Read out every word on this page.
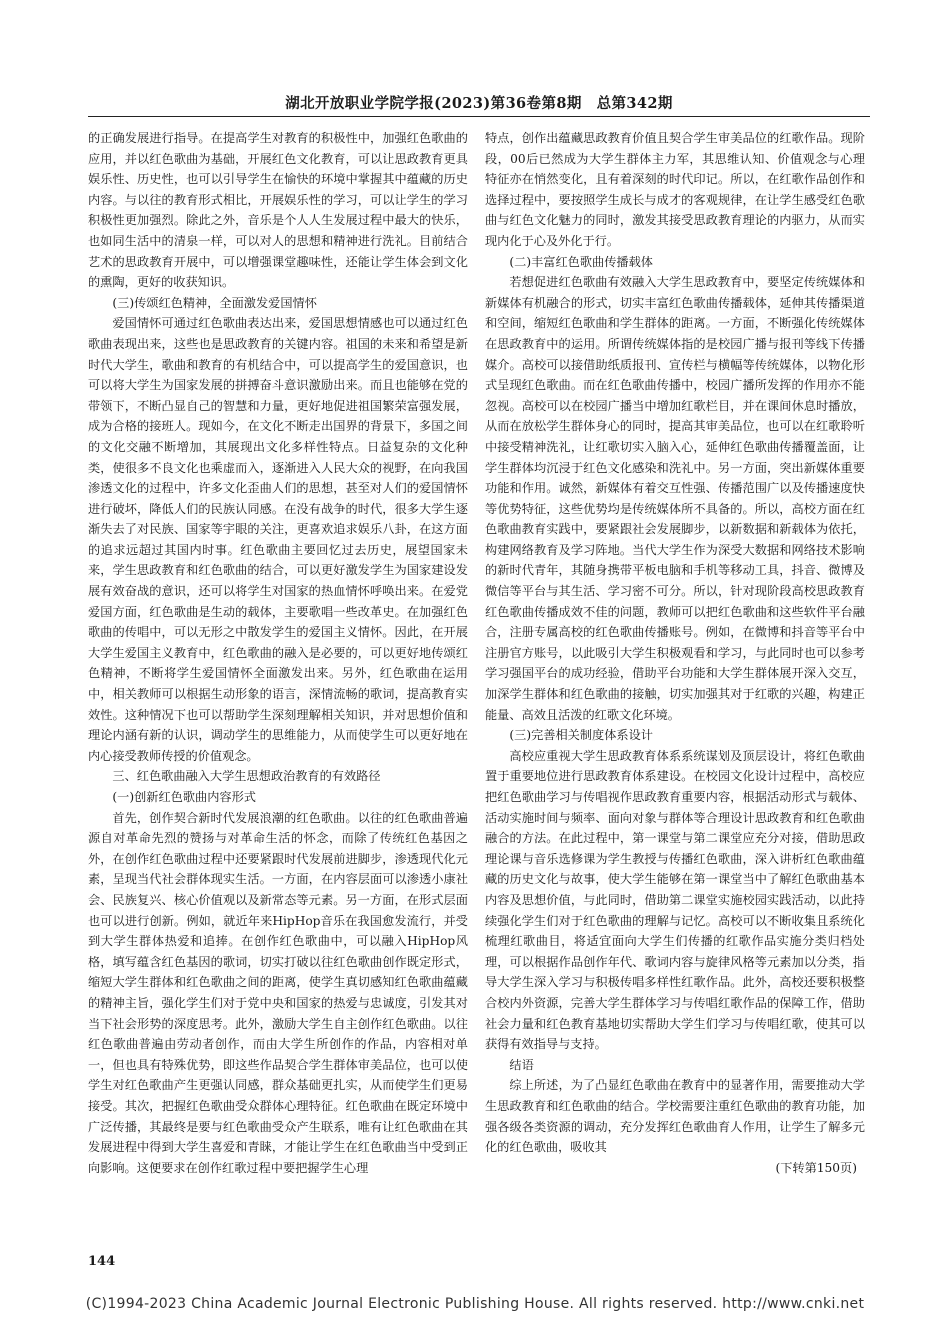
湖北开放职业学院学报(2023)第36卷第8期　总第342期

的正确发展进行指导。在提高学生对教育的积极性中，加强红色歌曲的应用，并以红色歌曲为基础，开展红色文化教育，可以让思政教育更具娱乐性、历史性，也可以引导学生在愉快的环境中掌握其中蕴藏的历史内容。与以往的教育形式相比，开展娱乐性的学习，可以让学生的学习积极性更加强烈。除此之外，音乐是个人人生发展过程中最大的快乐，也如同生活中的清泉一样，可以对人的思想和精神进行洗礼。目前结合艺术的思政教育开展中，可以增强课堂趣味性，还能让学生体会到文化的熏陶，更好的收获知识。

(三)传颂红色精神，全面激发爱国情怀

爱国情怀可通过红色歌曲表达出来，爱国思想情感也可以通过红色歌曲表现出来，这些也是思政教育的关键内容。祖国的未来和希望是新时代大学生，歌曲和教育的有机结合中，可以提高学生的爱国意识，也可以将大学生为国家发展的拼搏奋斗意识激励出来。而且也能够在党的带领下，不断凸显自己的智慧和力量，更好地促进祖国繁荣富强发展，成为合格的接班人。现如今，在文化不断走出国界的背景下，多国之间的文化交融不断增加，其展现出文化多样性特点。日益复杂的文化种类，使很多不良文化也乘虚而入，逐渐进入人民大众的视野，在向我国渗透文化的过程中，许多文化歪曲人们的思想，甚至对人们的爱国情怀进行破坏，降低人们的民族认同感。在没有战争的时代，很多大学生逐渐失去了对民族、国家等宇眼的关注，更喜欢追求娱乐八卦，在这方面的追求远超过其国内时事。红色歌曲主要回忆过去历史，展望国家未来，学生思政教育和红色歌曲的结合，可以更好激发学生为国家建设发展有效奋战的意识，还可以将学生对国家的热血情怀呼唤出来。在爱党爱国方面，红色歌曲是生动的载体，主要歌唱一些改革史。在加强红色歌曲的传唱中，可以无形之中散发学生的爱国主义情怀。因此，在开展大学生爱国主义教育中，红色歌曲的融入是必要的，可以更好地传颂红色精神，不断将学生爱国情怀全面激发出来。另外，红色歌曲在运用中，相关教师可以根据生动形象的语言，深情流畅的歌词，提高教育实效性。这种情况下也可以帮助学生深刻理解相关知识，并对思想价值和理论内涵有新的认识，调动学生的思维能力，从而使学生可以更好地在内心接受教师传授的价值观念。

三、红色歌曲融入大学生思想政治教育的有效路径

(一)创新红色歌曲内容形式

首先，创作契合新时代发展浪潮的红色歌曲。以往的红色歌曲普遍源自对革命先烈的赞扬与对革命生活的怀念，而除了传统红色基因之外，在创作红色歌曲过程中还要紧跟时代发展前进脚步，渗透现代化元素，呈现当代社会群体现实生活。一方面，在内容层面可以渗透小康社会、民族复兴、核心价值观以及新常态等元素。另一方面，在形式层面也可以进行创新。例如，就近年来HipHop音乐在我国愈发流行，并受到大学生群体热爱和追捧。在创作红色歌曲中，可以融入HipHop风格，填写蕴含红色基因的歌词，切实打破以往红色歌曲创作既定形式，缩短大学生群体和红色歌曲之间的距离，使学生真切感知红色歌曲蕴藏的精神主旨，强化学生们对于党中央和国家的热爱与忠诚度，引发其对当下社会形势的深度思考。此外，激励大学生自主创作红色歌曲。以往红色歌曲普遍由劳动者创作，而由大学生所创作的作品，内容相对单一，但也具有特殊优势，即这些作品契合学生群体审美品位，也可以使学生对红色歌曲产生更强认同感，群众基础更扎实，从而使学生们更易接受。其次，把握红色歌曲受众群体心理特征。红色歌曲在既定环境中广泛传播，其最终是要与红色歌曲受众产生联系，唯有让红色歌曲在其发展进程中得到大学生喜爱和青睐，才能让学生在红色歌曲当中受到正向影响。这便要求在创作红歌过程中要把握学生心理

特点，创作出蕴藏思政教育价值且契合学生审美品位的红歌作品。现阶段，00后已然成为大学生群体主力军，其思维认知、价值观念与心理特征亦在悄然变化，且有着深刻的时代印记。所以，在红歌作品创作和选择过程中，要按照学生成长与成才的客观规律，在让学生感受红色歌曲与红色文化魅力的同时，激发其接受思政教育理论的内驱力，从而实现内化于心及外化于行。

(二)丰富红色歌曲传播载体

若想促进红色歌曲有效融入大学生思政教育中，要坚定传统媒体和新媒体有机融合的形式，切实丰富红色歌曲传播载体，延伸其传播渠道和空间，缩短红色歌曲和学生群体的距离。一方面，不断强化传统媒体在思政教育中的运用。所谓传统媒体指的是校园广播与报刊等线下传播媒介。高校可以接借助纸质报刊、宣传栏与横幅等传统媒体，以物化形式呈现红色歌曲。而在红色歌曲传播中，校园广播所发挥的作用亦不能忽视。高校可以在校园广播当中增加红歌栏目，并在课间休息时播放，从而在放松学生群体身心的同时，提高其审美品位，也可以在红歌聆听中接受精神洗礼，让红歌切实入脑入心，延伸红色歌曲传播覆盖面，让学生群体均沉浸于红色文化感染和洗礼中。另一方面，突出新媒体重要功能和作用。诚然，新媒体有着交互性强、传播范围广以及传播速度快等优势特征，这些优势均是传统媒体所不具备的。所以，高校方面在红色歌曲教育实践中，要紧跟社会发展脚步，以新数据和新载体为依托，构建网络教育及学习阵地。当代大学生作为深受大数据和网络技术影响的新时代青年，其随身携带平板电脑和手机等移动工具，抖音、微博及微信等平台与其生活、学习密不可分。所以，针对现阶段高校思政教育红色歌曲传播成效不佳的问题，教师可以把红色歌曲和这些软件平台融合，注册专属高校的红色歌曲传播账号。例如，在微博和抖音等平台中注册官方账号，以此吸引大学生积极观看和学习，与此同时也可以参考学习强国平台的成功经验，借助平台功能和大学生群体展开深入交互，加深学生群体和红色歌曲的接触，切实加强其对于红歌的兴趣，构建正能量、高效且活泼的红歌文化环境。

(三)完善相关制度体系设计

高校应重视大学生思政教育体系系统谋划及顶层设计，将红色歌曲置于重要地位进行思政教育体系建设。在校园文化设计过程中，高校应把红色歌曲学习与传唱视作思政教育重要内容，根据活动形式与载体、活动实施时间与频率、面向对象与群体等合理设计思政教育和红色歌曲融合的方法。在此过程中，第一课堂与第二课堂应充分对接，借助思政理论课与音乐选修课为学生教授与传播红色歌曲，深入讲析红色歌曲蕴藏的历史文化与故事，使大学生能够在第一课堂当中了解红色歌曲基本内容及思想价值，与此同时，借助第二课堂实施校园实践活动，以此持续强化学生们对于红色歌曲的理解与记忆。高校可以不断收集且系统化梳理红歌曲目，将适宜面向大学生们传播的红歌作品实施分类归档处理，可以根据作品创作年代、歌词内容与旋律风格等元素加以分类，指导大学生深入学习与积极传唱多样性红歌作品。此外，高校还要积极整合校内外资源，完善大学生群体学习与传唱红歌作品的保障工作，借助社会力量和红色教育基地切实帮助大学生们学习与传唱红歌，使其可以获得有效指导与支持。

结语

综上所述，为了凸显红色歌曲在教育中的显著作用，需要推动大学生思政教育和红色歌曲的结合。学校需要注重红色歌曲的教育功能，加强各级各类资源的调动，充分发挥红色歌曲育人作用，让学生了解多元化的红色歌曲，吸收其

(下转第150页)

144
(C)1994-2023 China Academic Journal Electronic Publishing House. All rights reserved. http://www.cnki.net
